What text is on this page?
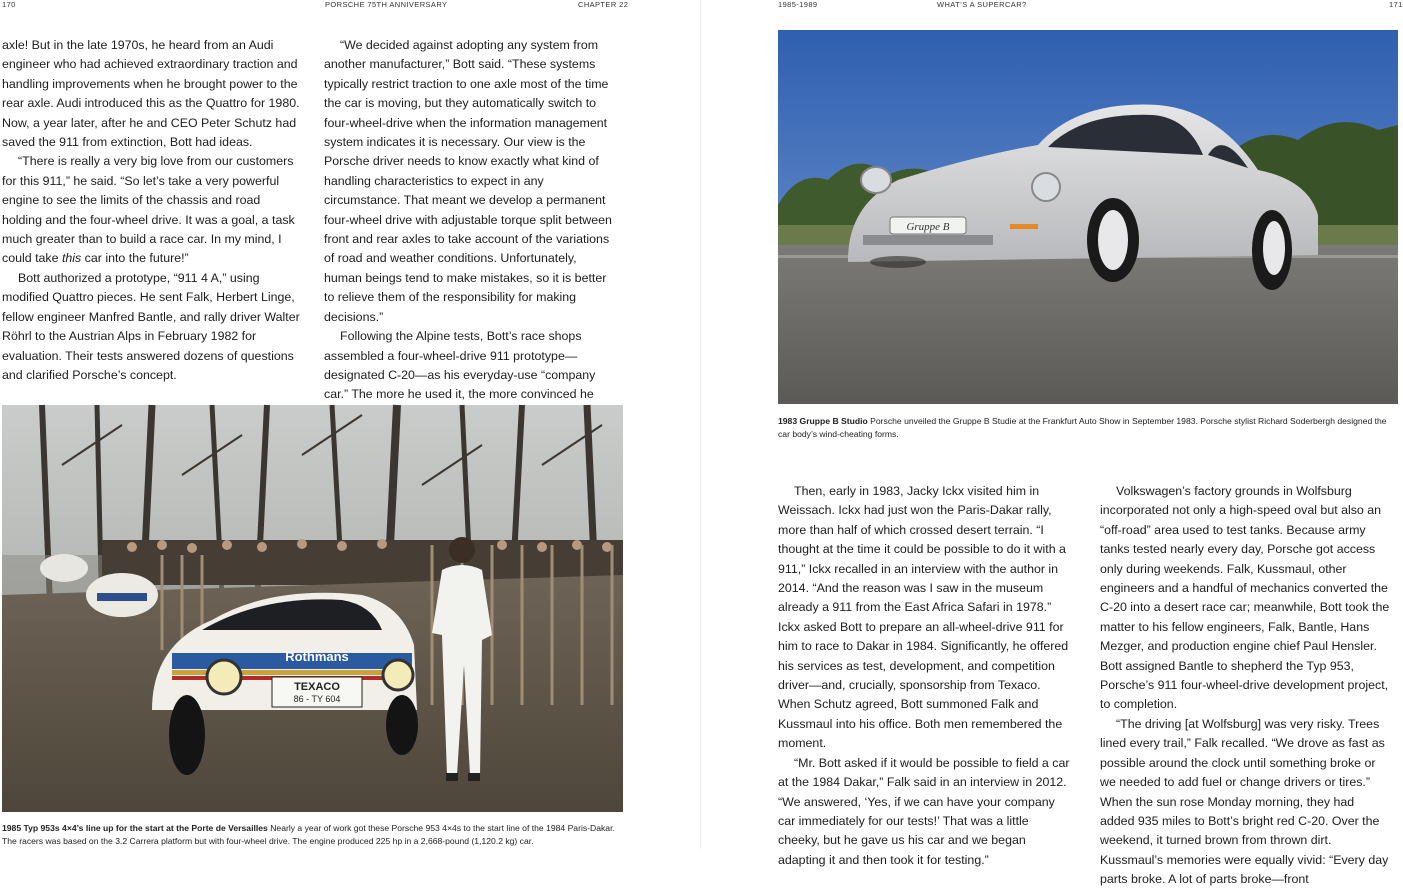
170	PORSCHE 75TH ANNIVERSARY	CHAPTER 22

axle! But in the late 1970s, he heard from an Audi engineer who had achieved extraordinary traction and handling improvements when he brought power to the rear axle. Audi introduced this as the Quattro for 1980. Now, a year later, after he and CEO Peter Schutz had saved the 911 from extinction, Bott had ideas.

“There is really a very big love from our customers for this 911,” he said. “So let’s take a very powerful engine to see the limits of the chassis and road holding and the four-wheel drive. It was a goal, a task much greater than to build a race car. In my mind, I could take this car into the future!”

Bott authorized a prototype, “911 4 A,” using modified Quattro pieces. He sent Falk, Herbert Linge, fellow engineer Manfred Bantle, and rally driver Walter Röhrl to the Austrian Alps in February 1982 for evaluation. Their tests answered dozens of questions and clarified Porsche’s concept.

“We decided against adopting any system from another manufacturer,” Bott said. “These systems typically restrict traction to one axle most of the time the car is moving, but they automatically switch to four-wheel-drive when the information management system indicates it is necessary. Our view is the Porsche driver needs to know exactly what kind of handling characteristics to expect in any circumstance. That meant we develop a permanent four-wheel drive with adjustable torque split between front and rear axles to take account of the variations of road and weather conditions. Unfortunately, human beings tend to make mistakes, so it is better to relieve them of the responsibility for making decisions.”

Following the Alpine tests, Bott’s race shops assembled a four-wheel-drive 911 prototype—designated C-20—as his everyday-use “company car.” The more he used it, the more convinced he

Rothmans
TEXACO
86 - TY 604
1985 Typ 953s 4×4’s line up for the start at the Porte de Versailles Nearly a year of work got these Porsche 953 4×4s to the start line of the 1984 Paris-Dakar. The racers was based on the 3.2 Carrera platform but with four-wheel drive. The engine produced 225 hp in a 2,668-pound (1,120.2 kg) car.
1985-1989	WHAT’S A SUPERCAR?	171
Gruppe B
1983 Gruppe B Studio Porsche unveiled the Gruppe B Studie at the Frankfurt Auto Show in September 1983. Porsche stylist Richard Soderbergh designed the car body’s wind-cheating forms.

Then, early in 1983, Jacky Ickx visited him in Weissach. Ickx had just won the Paris-Dakar rally, more than half of which crossed desert terrain. “I thought at the time it could be possible to do it with a 911,” Ickx recalled in an interview with the author in 2014. “And the reason was I saw in the museum already a 911 from the East Africa Safari in 1978.” Ickx asked Bott to prepare an all-wheel-drive 911 for him to race to Dakar in 1984. Significantly, he offered his services as test, development, and competition driver—and, crucially, sponsorship from Texaco. When Schutz agreed, Bott summoned Falk and Kussmaul into his office. Both men remembered the moment.

“Mr. Bott asked if it would be possible to field a car at the 1984 Dakar,” Falk said in an interview in 2012. “We answered, ‘Yes, if we can have your company car immediately for our tests!’ That was a little cheeky, but he gave us his car and we began adapting it and then took it for testing.”

Volkswagen’s factory grounds in Wolfsburg incorporated not only a high-speed oval but also an “off-road” area used to test tanks. Because army tanks tested nearly every day, Porsche got access only during weekends. Falk, Kussmaul, other engineers and a handful of mechanics converted the C-20 into a desert race car; meanwhile, Bott took the matter to his fellow engineers, Falk, Bantle, Hans Mezger, and production engine chief Paul Hensler. Bott assigned Bantle to shepherd the Typ 953, Porsche’s 911 four-wheel-drive development project, to completion.

“The driving [at Wolfsburg] was very risky. Trees lined every trail,” Falk recalled. “We drove as fast as possible around the clock until something broke or we needed to add fuel or change drivers or tires.” When the sun rose Monday morning, they had added 935 miles to Bott’s bright red C-20. Over the weekend, it turned brown from thrown dirt. Kussmaul’s memories were equally vivid: “Every day parts broke. A lot of parts broke—front
